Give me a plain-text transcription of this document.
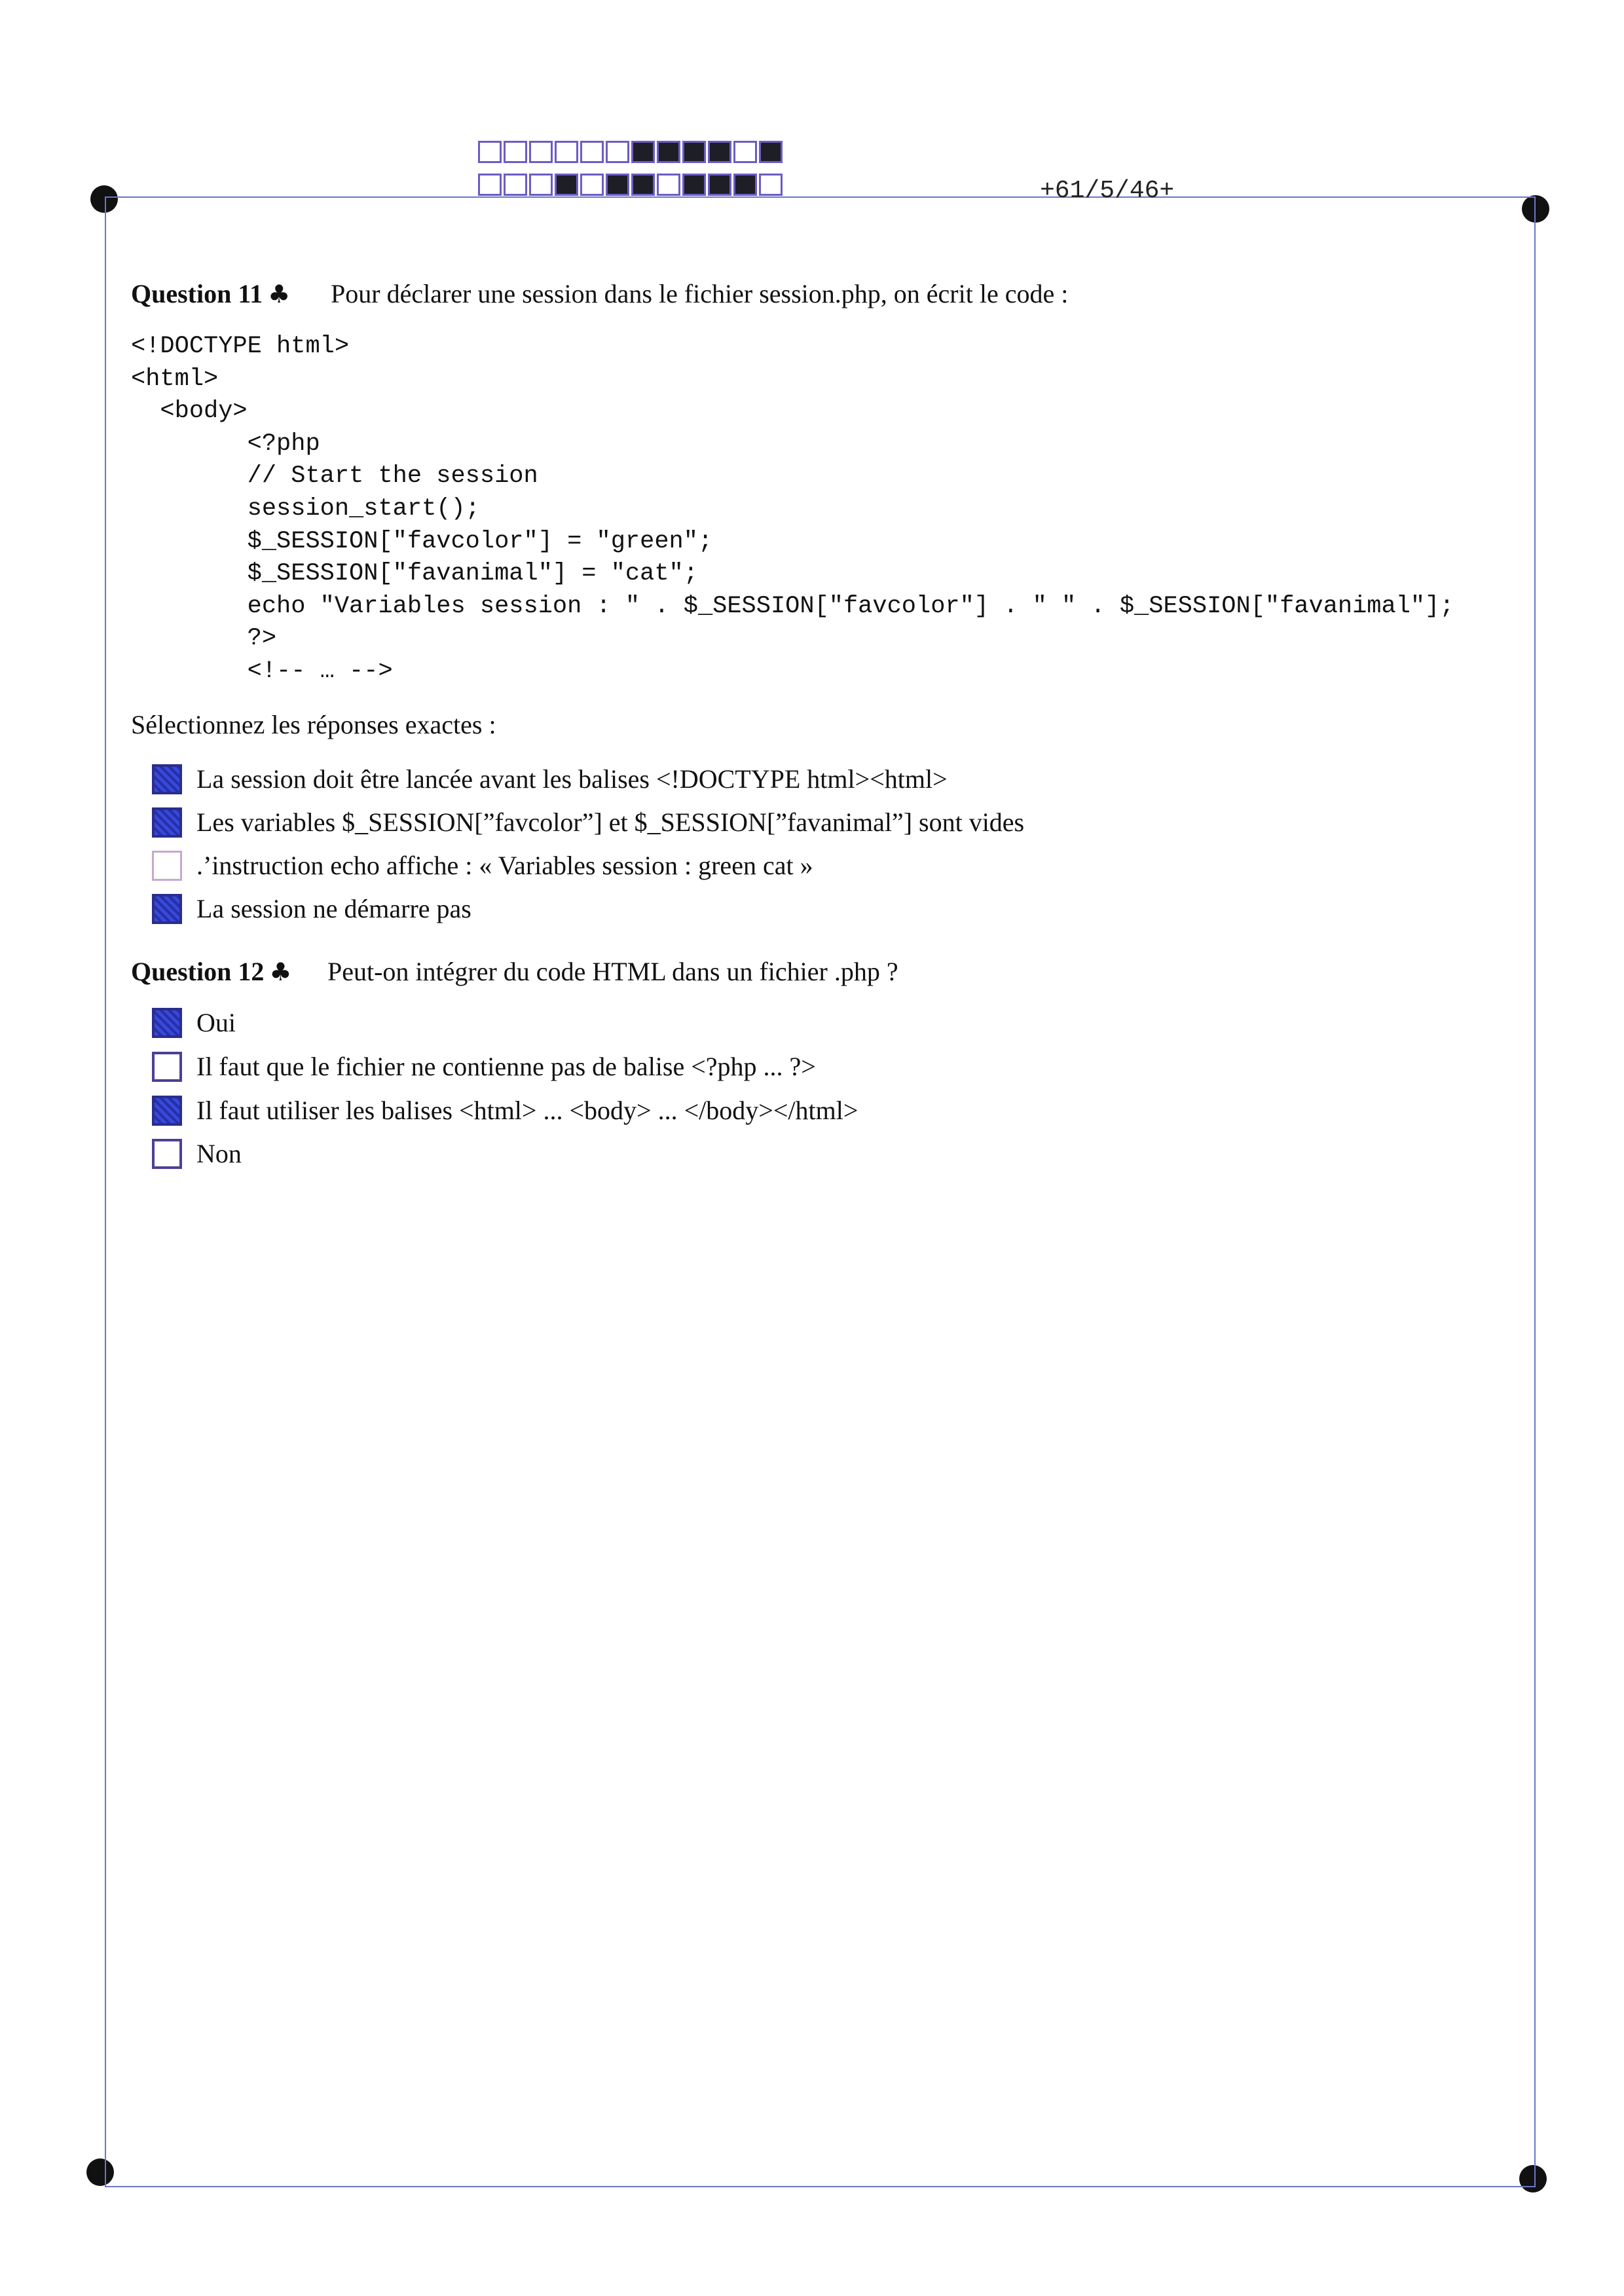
+61/5/46+
Question 11 ♣ Pour déclarer une session dans le fichier session.php, on écrit le code :
<!DOCTYPE html>
<html>
<body>
<?php
// Start the session
session_start();
$_SESSION["favcolor"] = "green";
$_SESSION["favanimal"] = "cat";
echo "Variables session : " . $_SESSION["favcolor"] . " " . $_SESSION["favanimal"];
?>
<!-- … -->
Sélectionnez les réponses exactes :
La session doit être lancée avant les balises <!DOCTYPE html><html>
Les variables $_SESSION[”favcolor”] et $_SESSION[”favanimal”] sont vides
.’instruction echo affiche : « Variables session : green cat »
La session ne démarre pas
Question 12 ♣ Peut-on intégrer du code HTML dans un fichier .php ?
Oui
Il faut que le fichier ne contienne pas de balise <?php ... ?>
Il faut utiliser les balises <html> ... <body> ... </body></html>
Non
